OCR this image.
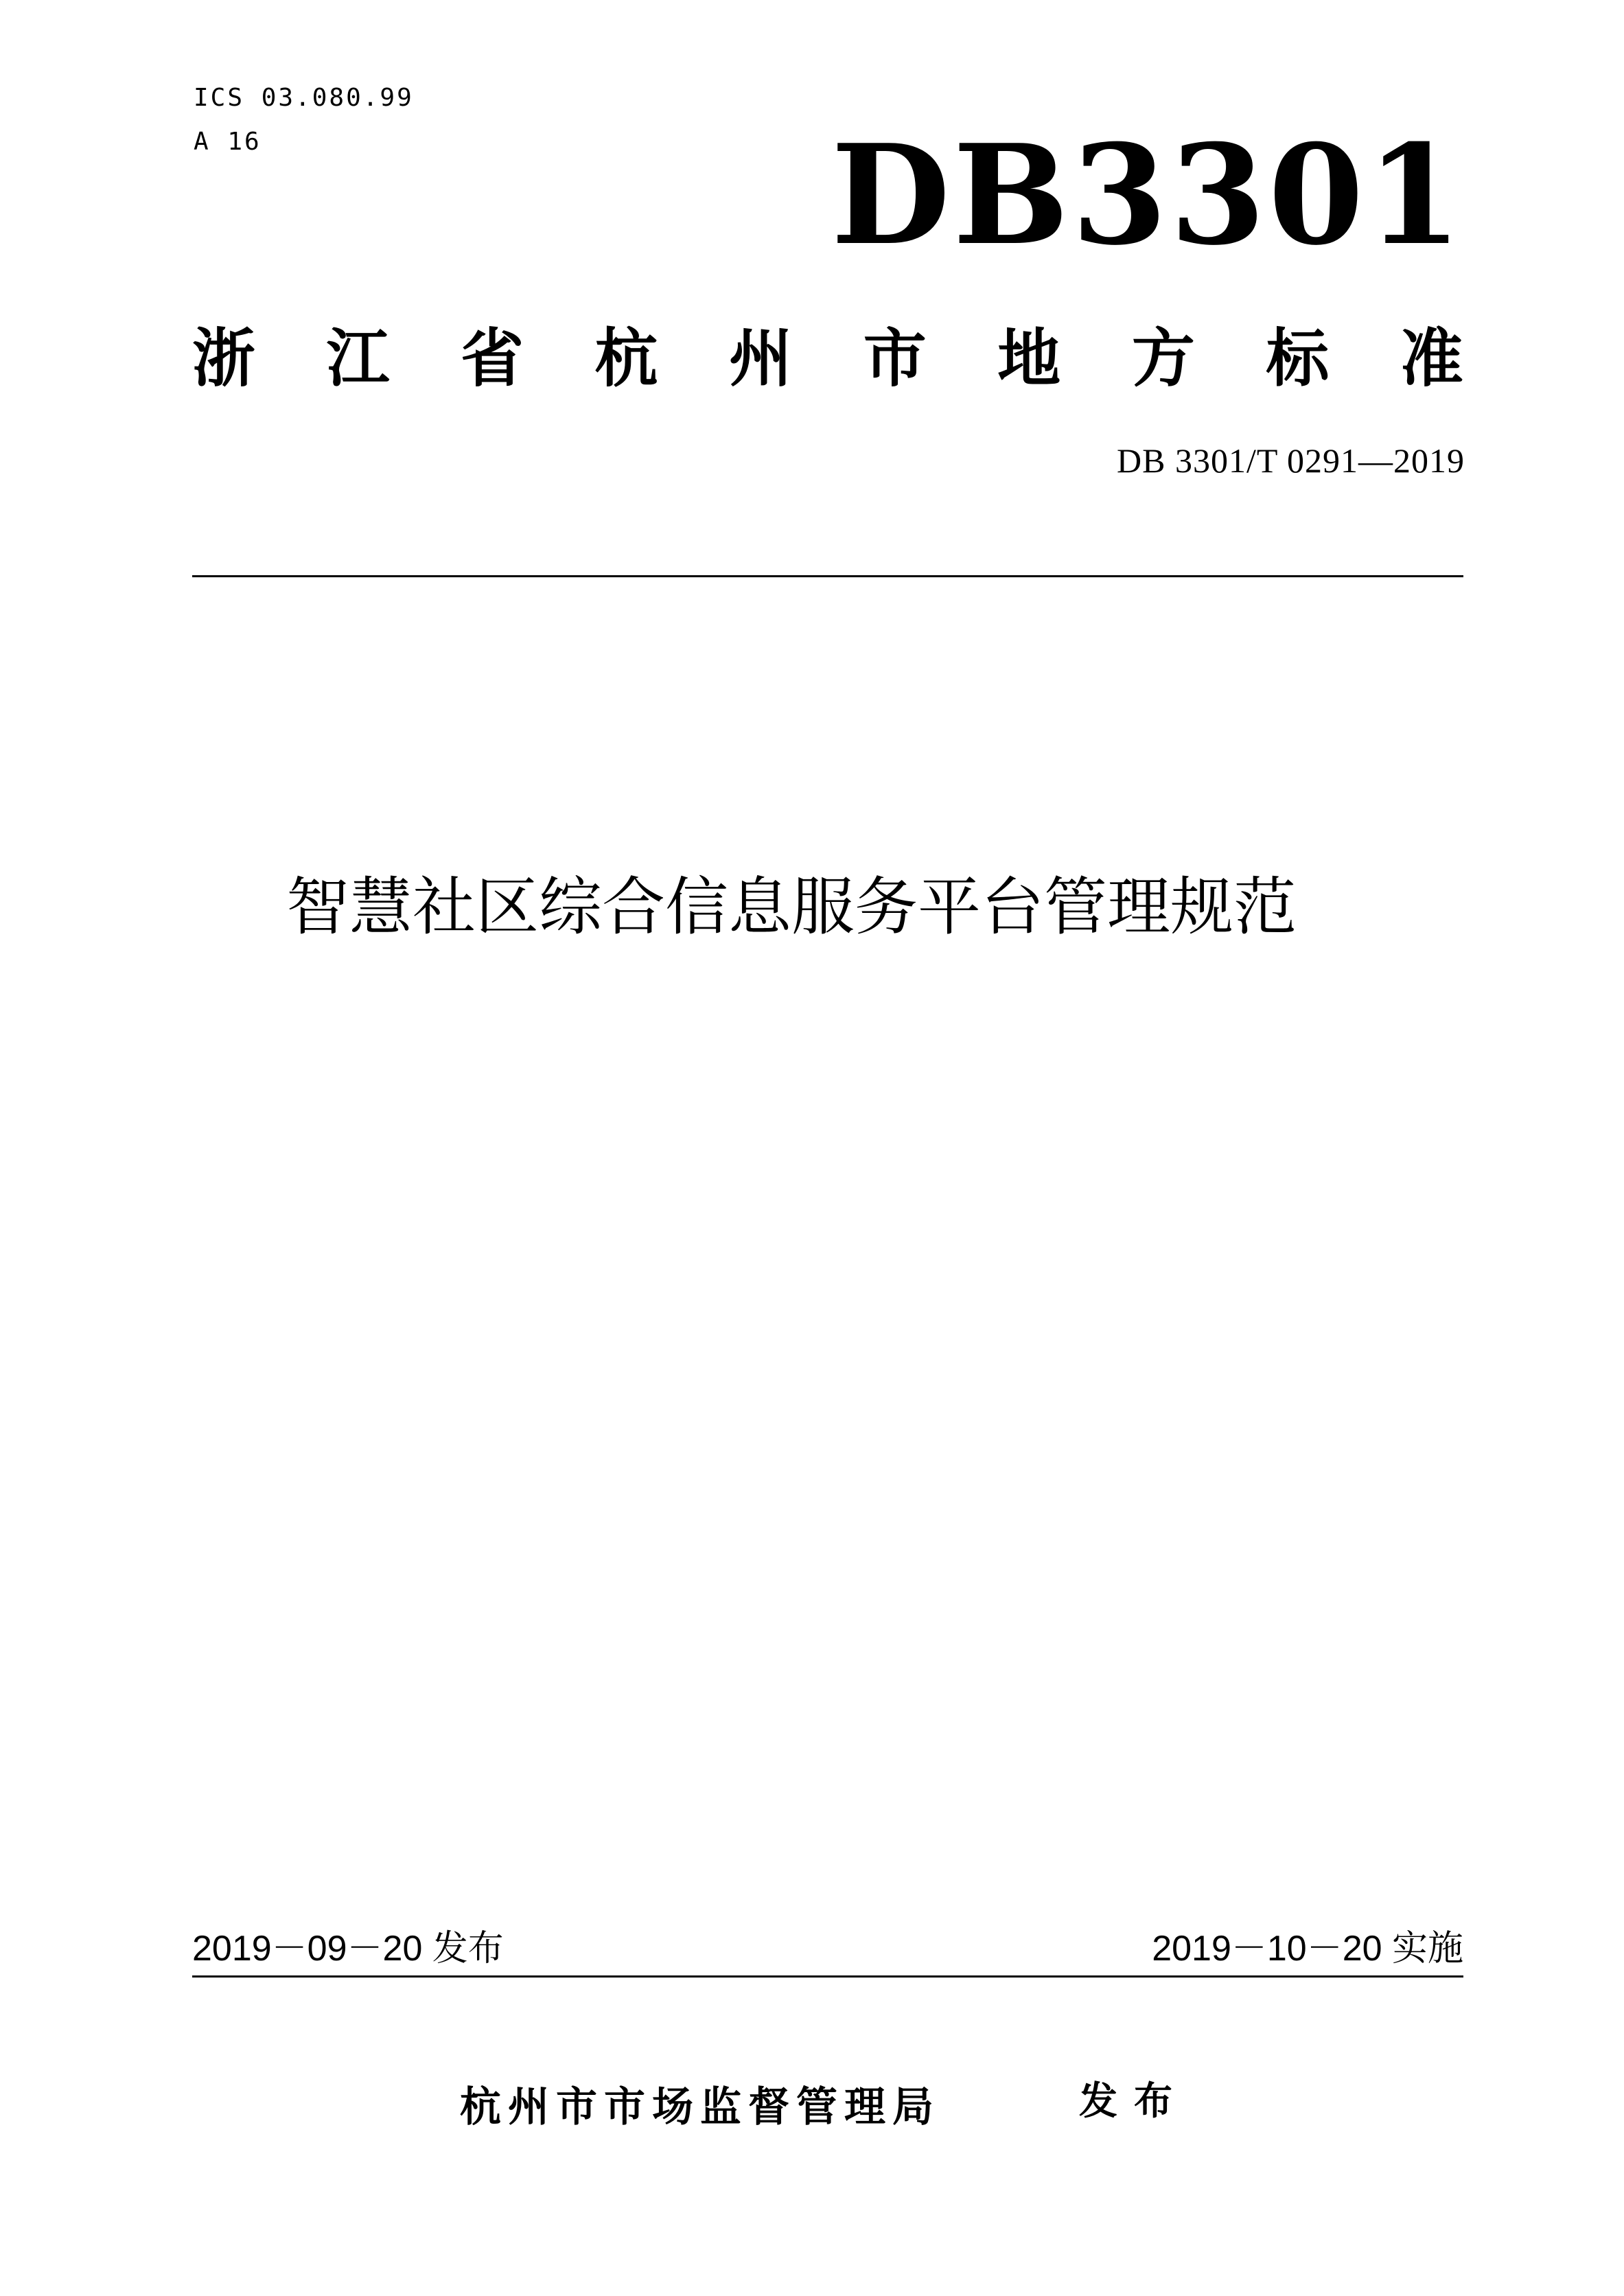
ICS 03.080.99
A 16	DB3301
浙 江 省 杭 州 市 地 方 标 准
DB 3301/T 0291—2019
智慧社区综合信息服务平台管理规范
2019－09－20 发布	2019－10－20 实施
杭州市市场监督管理局	发布
